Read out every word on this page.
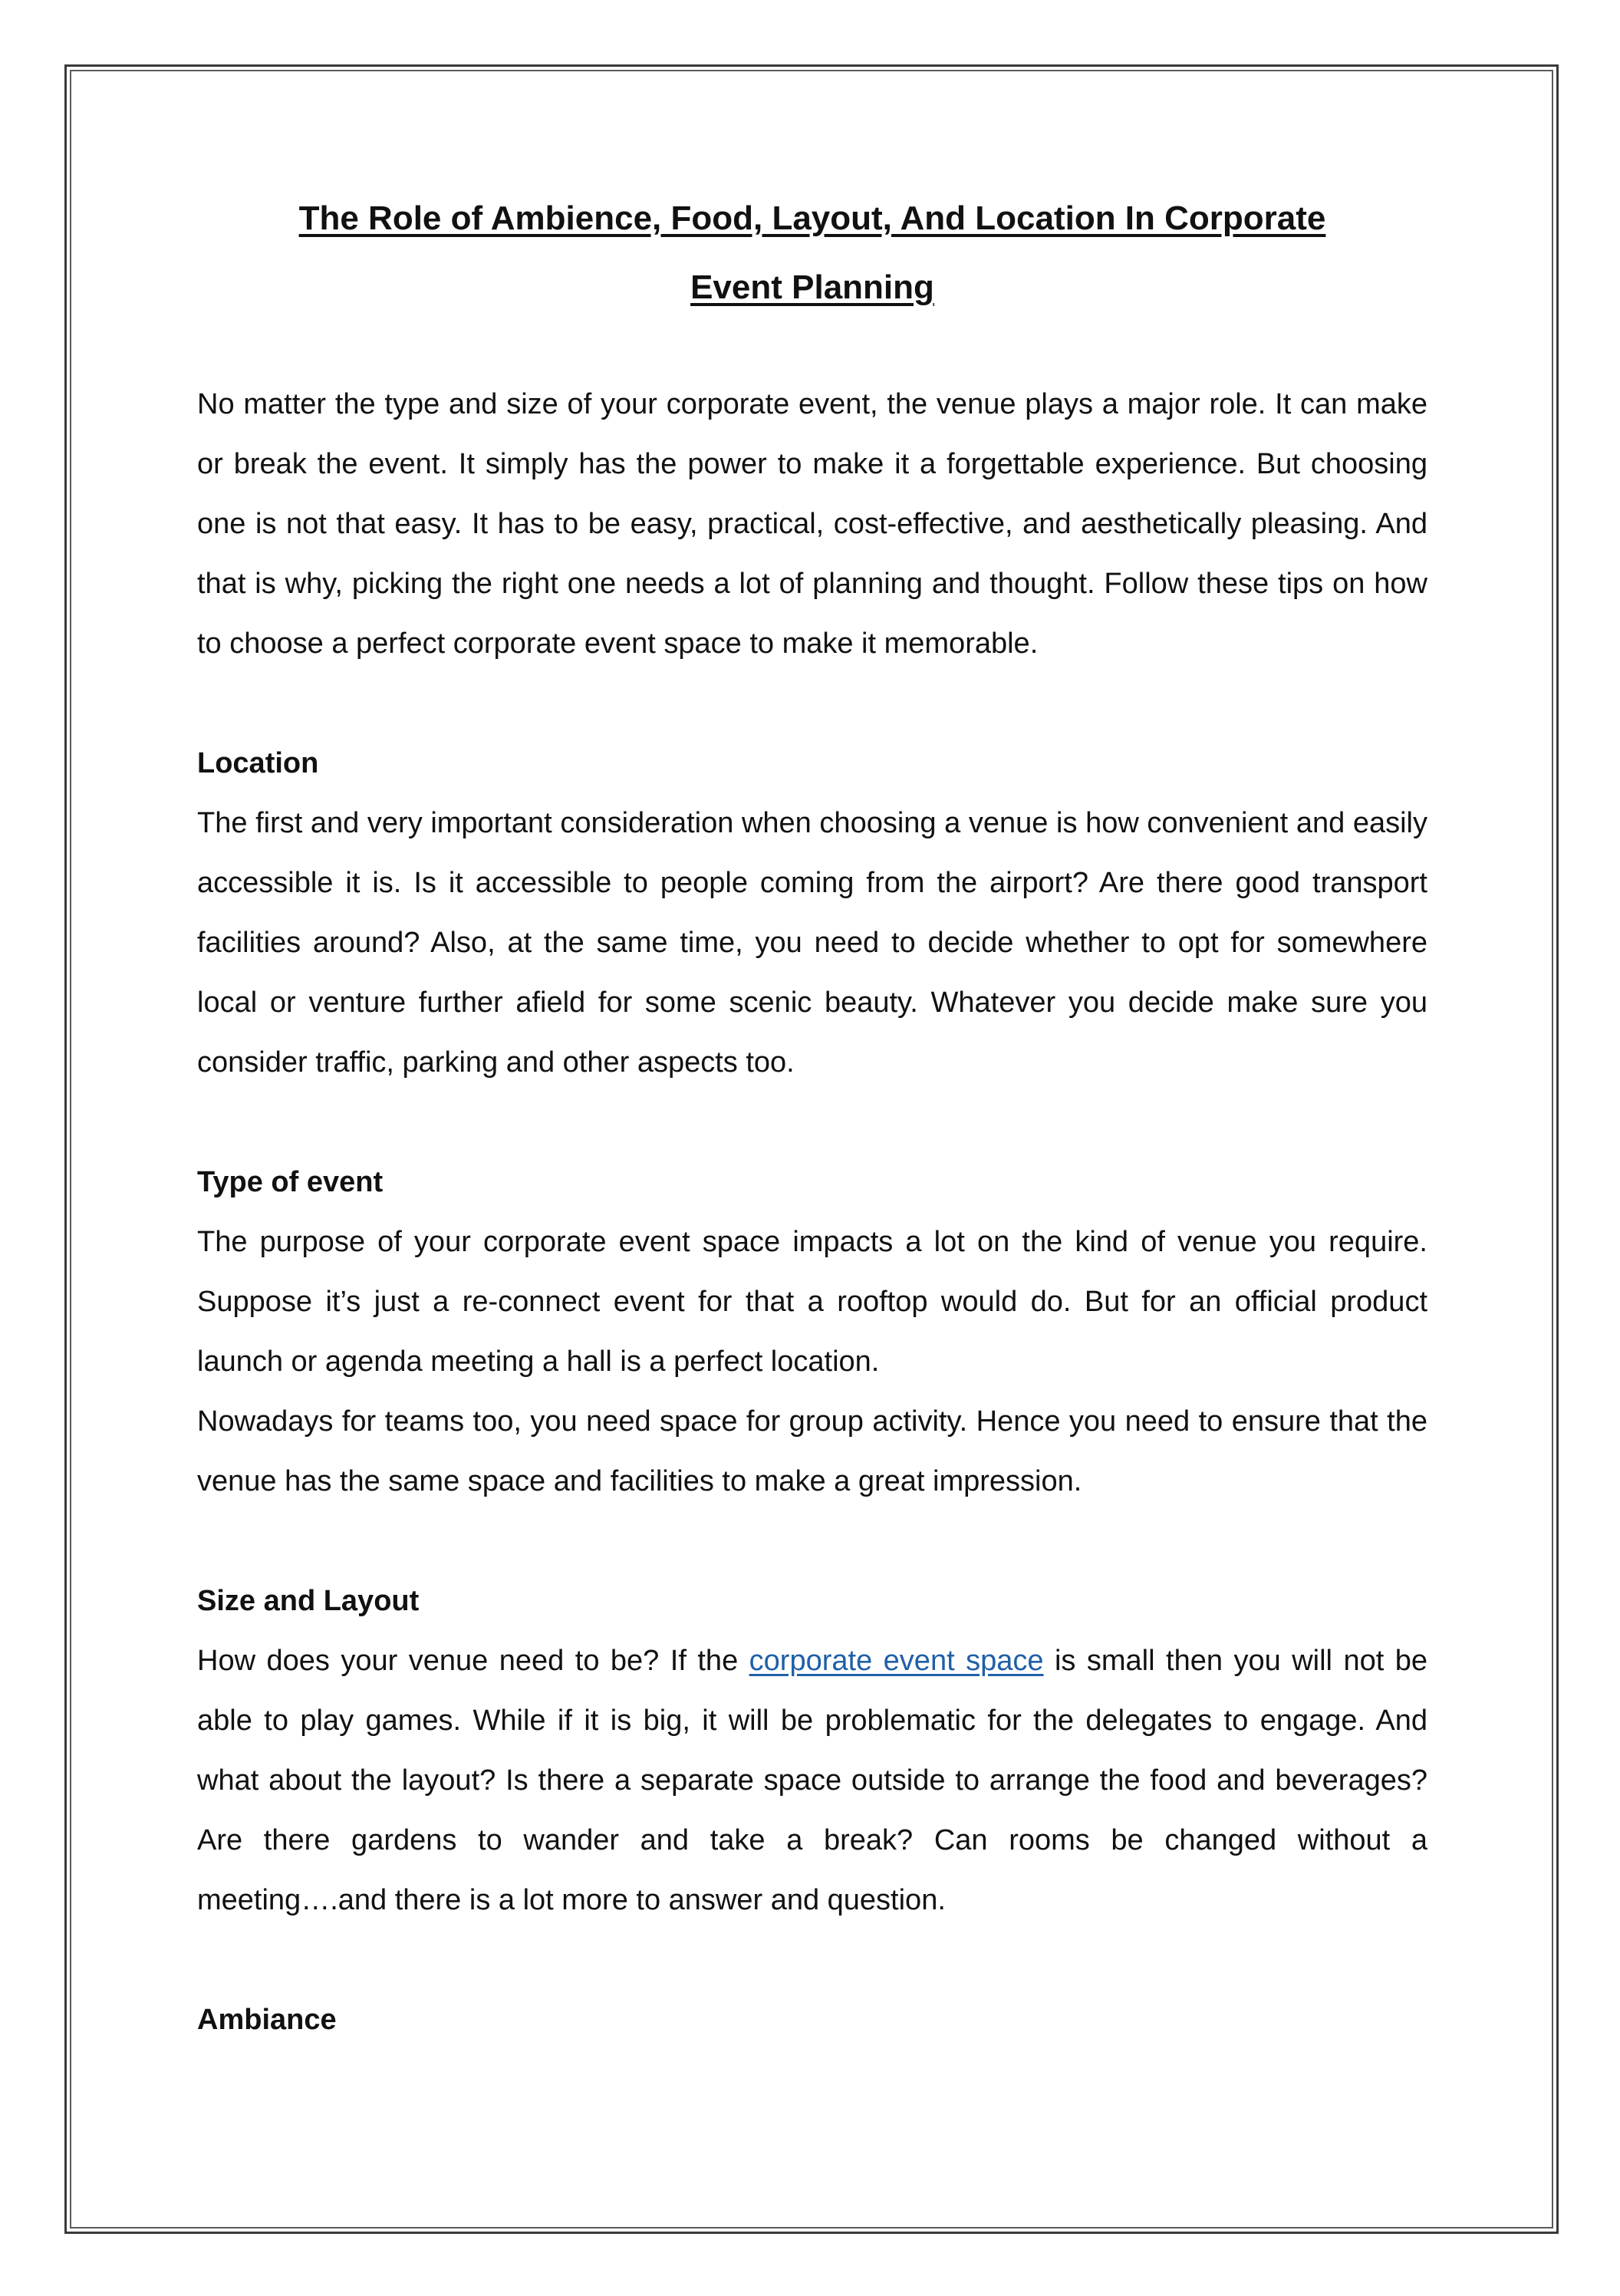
The Role of Ambience, Food, Layout, And Location In Corporate Event Planning

No matter the type and size of your corporate event, the venue plays a major role. It can make or break the event. It simply has the power to make it a forgettable experience. But choosing one is not that easy. It has to be easy, practical, cost-effective, and aesthetically pleasing. And that is why, picking the right one needs a lot of planning and thought. Follow these tips on how to choose a perfect corporate event space to make it memorable.

Location

The first and very important consideration when choosing a venue is how convenient and easily accessible it is. Is it accessible to people coming from the airport? Are there good transport facilities around? Also, at the same time, you need to decide whether to opt for somewhere local or venture further afield for some scenic beauty. Whatever you decide make sure you consider traffic, parking and other aspects too.

Type of event

The purpose of your corporate event space impacts a lot on the kind of venue you require. Suppose it’s just a re-connect event for that a rooftop would do. But for an official product launch or agenda meeting a hall is a perfect location.

Nowadays for teams too, you need space for group activity. Hence you need to ensure that the venue has the same space and facilities to make a great impression.

Size and Layout

How does your venue need to be? If the corporate event space is small then you will not be able to play games. While if it is big, it will be problematic for the delegates to engage. And what about the layout? Is there a separate space outside to arrange the food and beverages? Are there gardens to wander and take a break? Can rooms be changed without a meeting….and there is a lot more to answer and question.

Ambiance
